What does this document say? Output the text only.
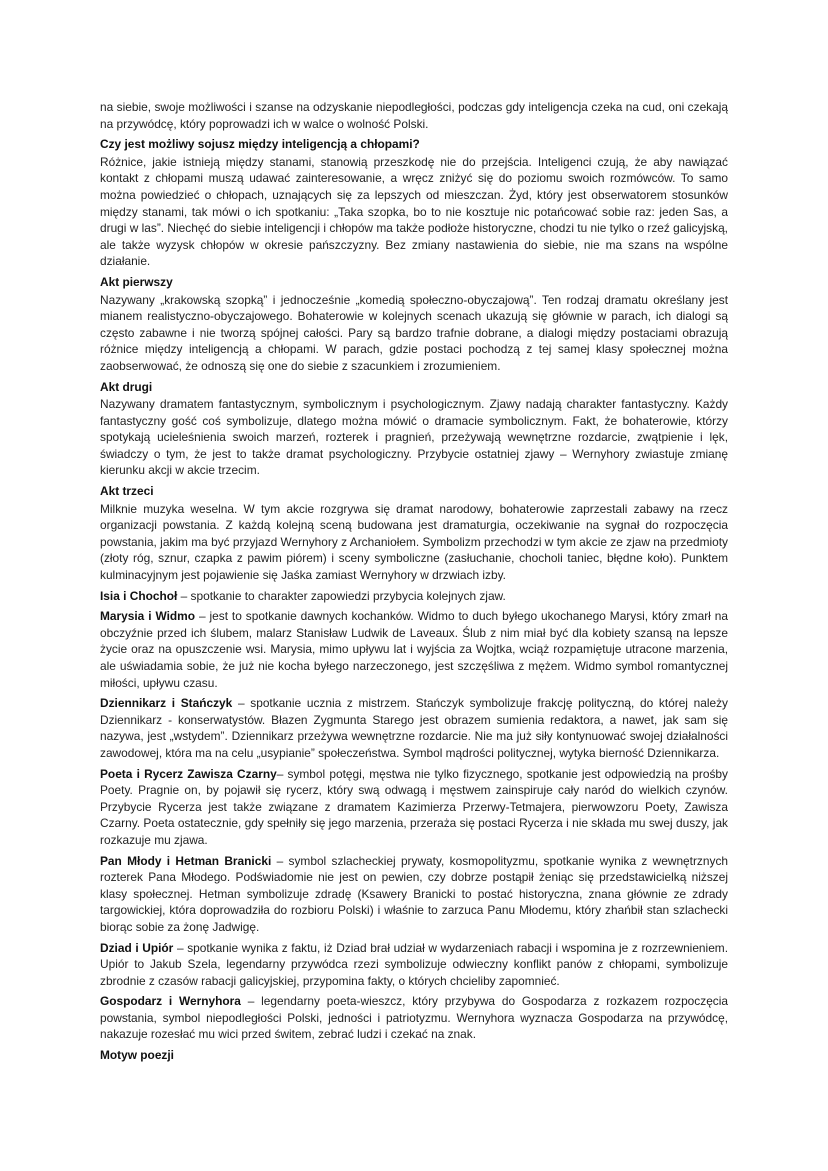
na siebie, swoje możliwości i szanse na odzyskanie niepodległości, podczas gdy inteligencja czeka na cud, oni czekają na przywódcę, który poprowadzi ich w walce o wolność Polski.

Czy jest możliwy sojusz między inteligencją a chłopami?

Różnice, jakie istnieją między stanami, stanowią przeszkodę nie do przejścia. Inteligenci czują, że aby nawiązać kontakt z chłopami muszą udawać zainteresowanie, a wręcz zniżyć się do poziomu swoich rozmówców. To samo można powiedzieć o chłopach, uznających się za lepszych od mieszczan. Żyd, który jest obserwatorem stosunków między stanami, tak mówi o ich spotkaniu: „Taka szopka, bo to nie kosztuje nic potańcować sobie raz: jeden Sas, a drugi w las”. Niechęć do siebie inteligencji i chłopów ma także podłoże historyczne, chodzi tu nie tylko o rzeź galicyjską, ale także wyzysk chłopów w okresie pańszczyzny. Bez zmiany nastawienia do siebie, nie ma szans na wspólne działanie.

Akt pierwszy

Nazywany „krakowską szopką” i jednocześnie „komedią społeczno-obyczajową”. Ten rodzaj dramatu określany jest mianem realistyczno-obyczajowego. Bohaterowie w kolejnych scenach ukazują się głównie w parach, ich dialogi są często zabawne i nie tworzą spójnej całości. Pary są bardzo trafnie dobrane, a dialogi między postaciami obrazują różnice między inteligencją a chłopami. W parach, gdzie postaci pochodzą z tej samej klasy społecznej można zaobserwować, że odnoszą się one do siebie z szacunkiem i zrozumieniem.

Akt drugi

Nazywany dramatem fantastycznym, symbolicznym i psychologicznym. Zjawy nadają charakter fantastyczny. Każdy fantastyczny gość coś symbolizuje, dlatego można mówić o dramacie symbolicznym. Fakt, że bohaterowie, którzy spotykają ucieleśnienia swoich marzeń, rozterek i pragnień, przeżywają wewnętrzne rozdarcie, zwątpienie i lęk, świadczy o tym, że jest to także dramat psychologiczny. Przybycie ostatniej zjawy – Wernyhory zwiastuje zmianę kierunku akcji w akcie trzecim.

Akt trzeci

Milknie muzyka weselna. W tym akcie rozgrywa się dramat narodowy, bohaterowie zaprzestali zabawy na rzecz organizacji powstania. Z każdą kolejną sceną budowana jest dramaturgia, oczekiwanie na sygnał do rozpoczęcia powstania, jakim ma być przyjazd Wernyhory z Archaniołem. Symbolizm przechodzi w tym akcie ze zjaw na przedmioty (złoty róg, sznur, czapka z pawim piórem) i sceny symboliczne (zasłuchanie, chocholi taniec, błędne koło). Punktem kulminacyjnym jest pojawienie się Jaśka zamiast Wernyhory w drzwiach izby.

Isia i Chochoł – spotkanie to charakter zapowiedzi przybycia kolejnych zjaw.

Marysia i Widmo – jest to spotkanie dawnych kochanków. Widmo to duch byłego ukochanego Marysi, który zmarł na obczyźnie przed ich ślubem, malarz Stanisław Ludwik de Laveaux. Ślub z nim miał być dla kobiety szansą na lepsze życie oraz na opuszczenie wsi. Marysia, mimo upływu lat i wyjścia za Wojtka, wciąż rozpamiętuje utracone marzenia, ale uświadamia sobie, że już nie kocha byłego narzeczonego, jest szczęśliwa z mężem. Widmo symbol romantycznej miłości, upływu czasu.

Dziennikarz i Stańczyk – spotkanie ucznia z mistrzem. Stańczyk symbolizuje frakcję polityczną, do której należy Dziennikarz - konserwatystów. Błazen Zygmunta Starego jest obrazem sumienia redaktora, a nawet, jak sam się nazywa, jest „wstydem”. Dziennikarz przeżywa wewnętrzne rozdarcie. Nie ma już siły kontynuować swojej działalności zawodowej, która ma na celu „usypianie” społeczeństwa. Symbol mądrości politycznej, wytyka bierność Dziennikarza.

Poeta i Rycerz Zawisza Czarny– symbol potęgi, męstwa nie tylko fizycznego, spotkanie jest odpowiedzią na prośby Poety. Pragnie on, by pojawił się rycerz, który swą odwagą i męstwem zainspiruje cały naród do wielkich czynów. Przybycie Rycerza jest także związane z dramatem Kazimierza Przerwy-Tetmajera, pierwowzoru Poety, Zawisza Czarny. Poeta ostatecznie, gdy spełniły się jego marzenia, przeraża się postaci Rycerza i nie składa mu swej duszy, jak rozkazuje mu zjawa.

Pan Młody i Hetman Branicki – symbol szlacheckiej prywaty, kosmopolityzmu, spotkanie wynika z wewnętrznych rozterek Pana Młodego. Podświadomie nie jest on pewien, czy dobrze postąpił żeniąc się przedstawicielką niższej klasy społecznej. Hetman symbolizuje zdradę (Ksawery Branicki to postać historyczna, znana głównie ze zdrady targowickiej, która doprowadziła do rozbioru Polski) i właśnie to zarzuca Panu Młodemu, który zhańbił stan szlachecki biorąc sobie za żonę Jadwigę.

Dziad i Upiór – spotkanie wynika z faktu, iż Dziad brał udział w wydarzeniach rabacji i wspomina je z rozrzewnieniem. Upiór to Jakub Szela, legendarny przywódca rzezi symbolizuje odwieczny konflikt panów z chłopami, symbolizuje zbrodnie z czasów rabacji galicyjskiej, przypomina fakty, o których chcieliby zapomnieć.

Gospodarz i Wernyhora – legendarny poeta-wieszcz, który przybywa do Gospodarza z rozkazem rozpoczęcia powstania, symbol niepodległości Polski, jedności i patriotyzmu. Wernyhora wyznacza Gospodarza na przywódcę, nakazuje rozesłać mu wici przed świtem, zebrać ludzi i czekać na znak.

Motyw poezji
